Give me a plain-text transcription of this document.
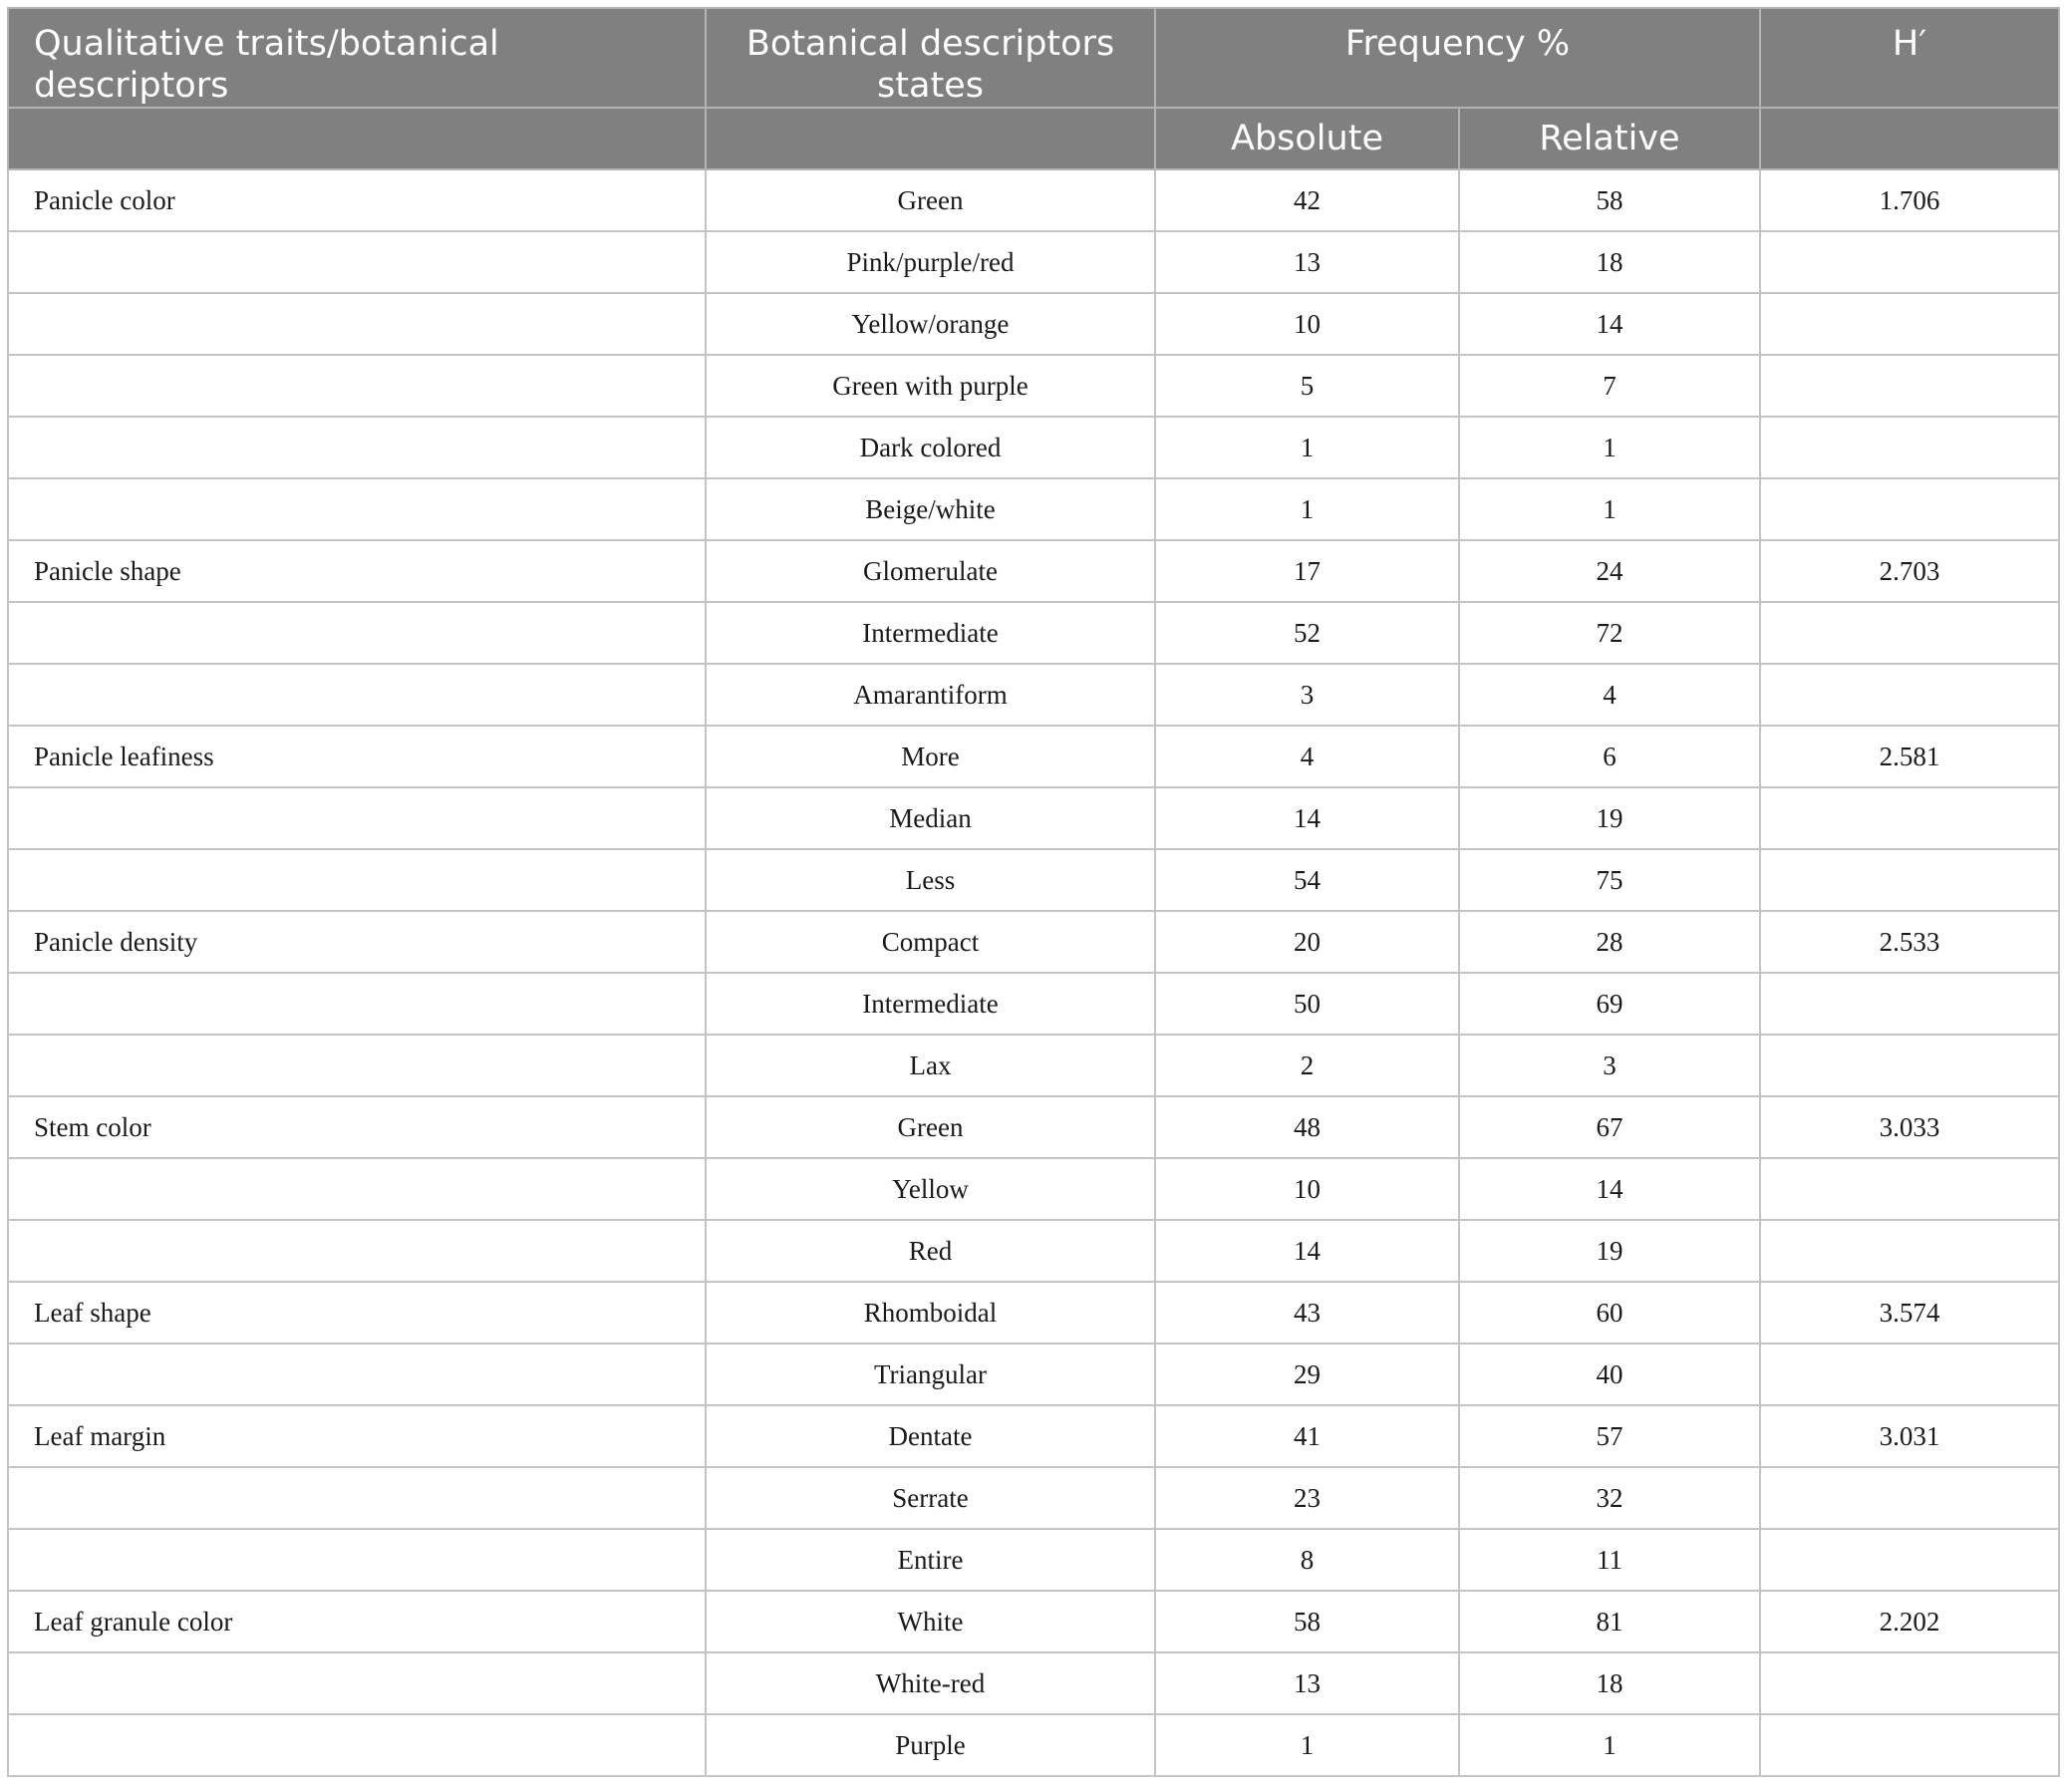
Qualitative traits/botanical descriptors	Botanical descriptors states	Frequency %		H′
		Absolute	Relative	
Panicle color	Green	42	58	1.706
	Pink/purple/red	13	18	
	Yellow/orange	10	14	
	Green with purple	5	7	
	Dark colored	1	1	
	Beige/white	1	1	
Panicle shape	Glomerulate	17	24	2.703
	Intermediate	52	72	
	Amarantiform	3	4	
Panicle leafiness	More	4	6	2.581
	Median	14	19	
	Less	54	75	
Panicle density	Compact	20	28	2.533
	Intermediate	50	69	
	Lax	2	3	
Stem color	Green	48	67	3.033
	Yellow	10	14	
	Red	14	19	
Leaf shape	Rhomboidal	43	60	3.574
	Triangular	29	40	
Leaf margin	Dentate	41	57	3.031
	Serrate	23	32	
	Entire	8	11	
Leaf granule color	White	58	81	2.202
	White-red	13	18	
	Purple	1	1	
